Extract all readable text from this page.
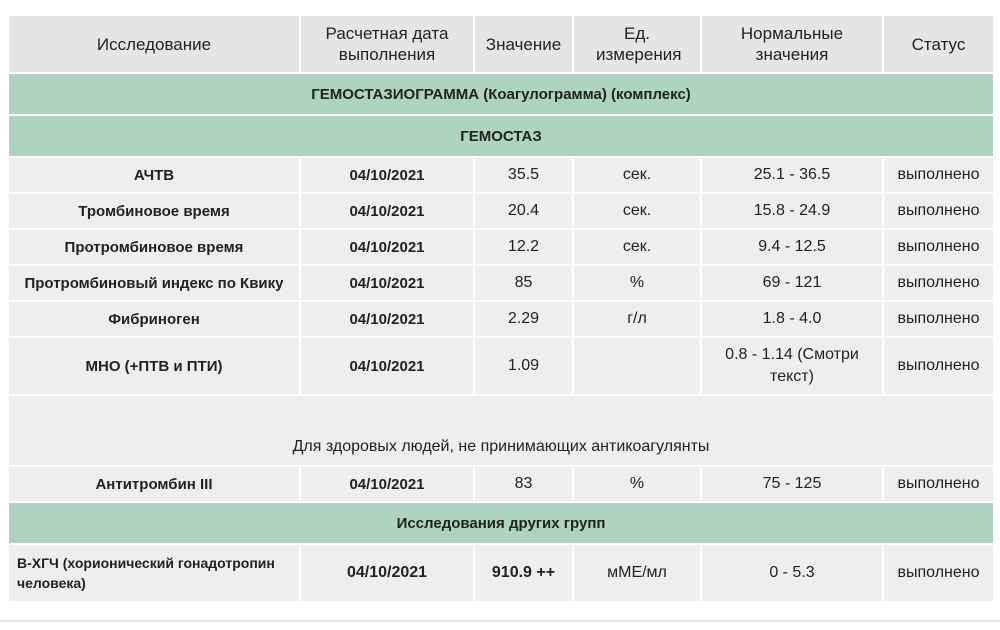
Исследование	Расчетная дата выполнения	Значение	Ед. измерения	Нормальные значения	Статус
ГЕМОСТАЗИОГРАММА (Коагулограмма) (комплекс)					
ГЕМОСТАЗ					
АЧТВ	04/10/2021	35.5	сек.	25.1 - 36.5	выполнено
Тромбиновое время	04/10/2021	20.4	сек.	15.8 - 24.9	выполнено
Протромбиновое время	04/10/2021	12.2	сек.	9.4 - 12.5	выполнено
Протромбиновый индекс по Квику	04/10/2021	85	%	69 - 121	выполнено
Фибриноген	04/10/2021	2.29	г/л	1.8 - 4.0	выполнено
МНО (+ПТВ и ПТИ)	04/10/2021	1.09		0.8 - 1.14 (Смотри текст)	выполнено
Для здоровых людей, не принимающих антикоагулянты					
Антитромбин III	04/10/2021	83	%	75 - 125	выполнено
Исследования других групп					
B-ХГЧ (хорионический гонадотропин человека)	04/10/2021	910.9 ++	мМЕ/мл	0 - 5.3	выполнено
